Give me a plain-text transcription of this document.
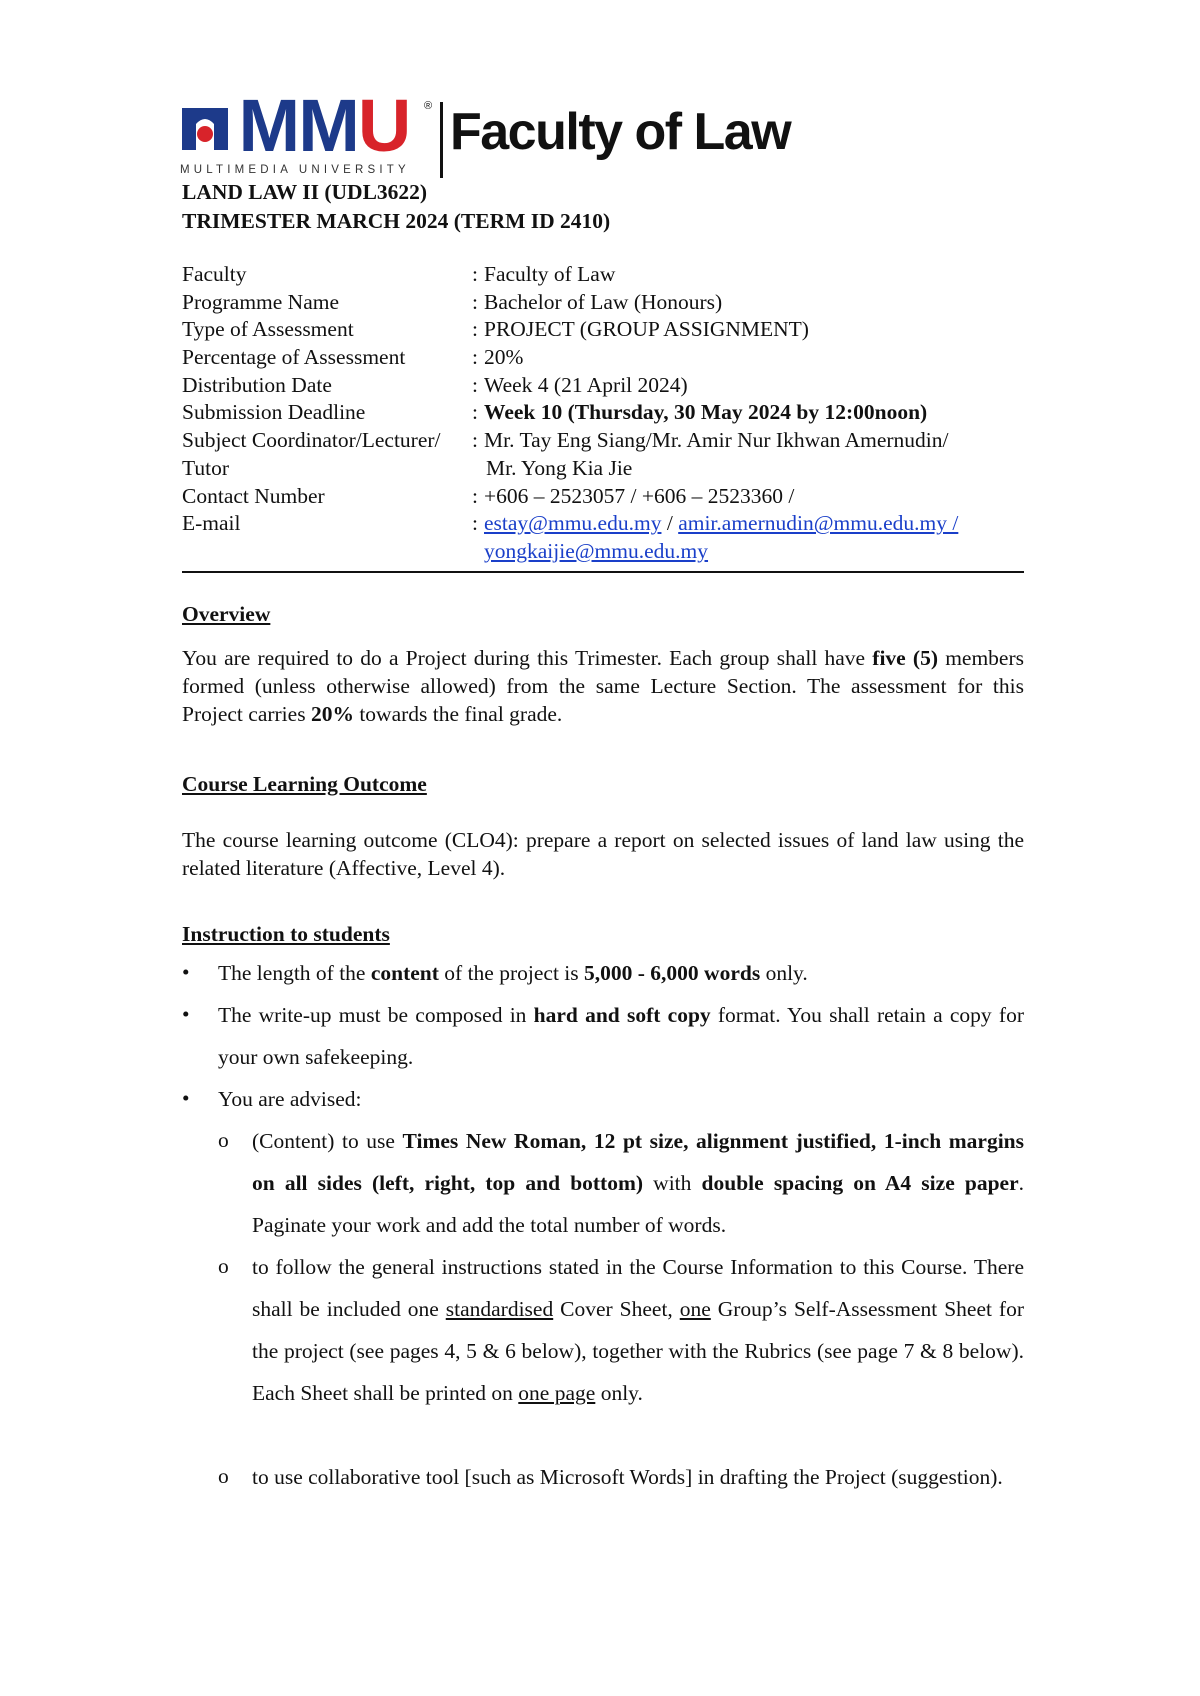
MMU ®
MULTIMEDIA UNIVERSITY
Faculty of Law
LAND LAW II (UDL3622)
TRIMESTER MARCH 2024 (TERM ID 2410)
Faculty	: Faculty of Law
Programme Name	: Bachelor of Law (Honours)
Type of Assessment	: PROJECT (GROUP ASSIGNMENT)
Percentage of Assessment	: 20%
Distribution Date	: Week 4 (21 April 2024)
Submission Deadline	: Week 10 (Thursday, 30 May 2024 by 12:00noon)
Subject Coordinator/Lecturer/ : Mr. Tay Eng Siang/Mr. Amir Nur Ikhwan Amernudin/
Tutor	Mr. Yong Kia Jie
Contact Number	: +606 – 2523057 / +606 – 2523360 /
E-mail	: estay@mmu.edu.my / amir.amernudin@mmu.edu.my /
yongkaijie@mmu.edu.my
Overview
You are required to do a Project during this Trimester. Each group shall have five (5) members formed (unless otherwise allowed) from the same Lecture Section. The assessment for this Project carries 20% towards the final grade.
Course Learning Outcome
The course learning outcome (CLO4): prepare a report on selected issues of land law using the related literature (Affective, Level 4).
Instruction to students
• The length of the content of the project is 5,000 - 6,000 words only.
• The write-up must be composed in hard and soft copy format. You shall retain a copy for your own safekeeping.
• You are advised:
o (Content) to use Times New Roman, 12 pt size, alignment justified, 1-inch margins on all sides (left, right, top and bottom) with double spacing on A4 size paper. Paginate your work and add the total number of words.
o to follow the general instructions stated in the Course Information to this Course. There shall be included one standardised Cover Sheet, one Group’s Self-Assessment Sheet for the project (see pages 4, 5 & 6 below), together with the Rubrics (see page 7 & 8 below). Each Sheet shall be printed on one page only.
o to use collaborative tool [such as Microsoft Words] in drafting the Project (suggestion).
